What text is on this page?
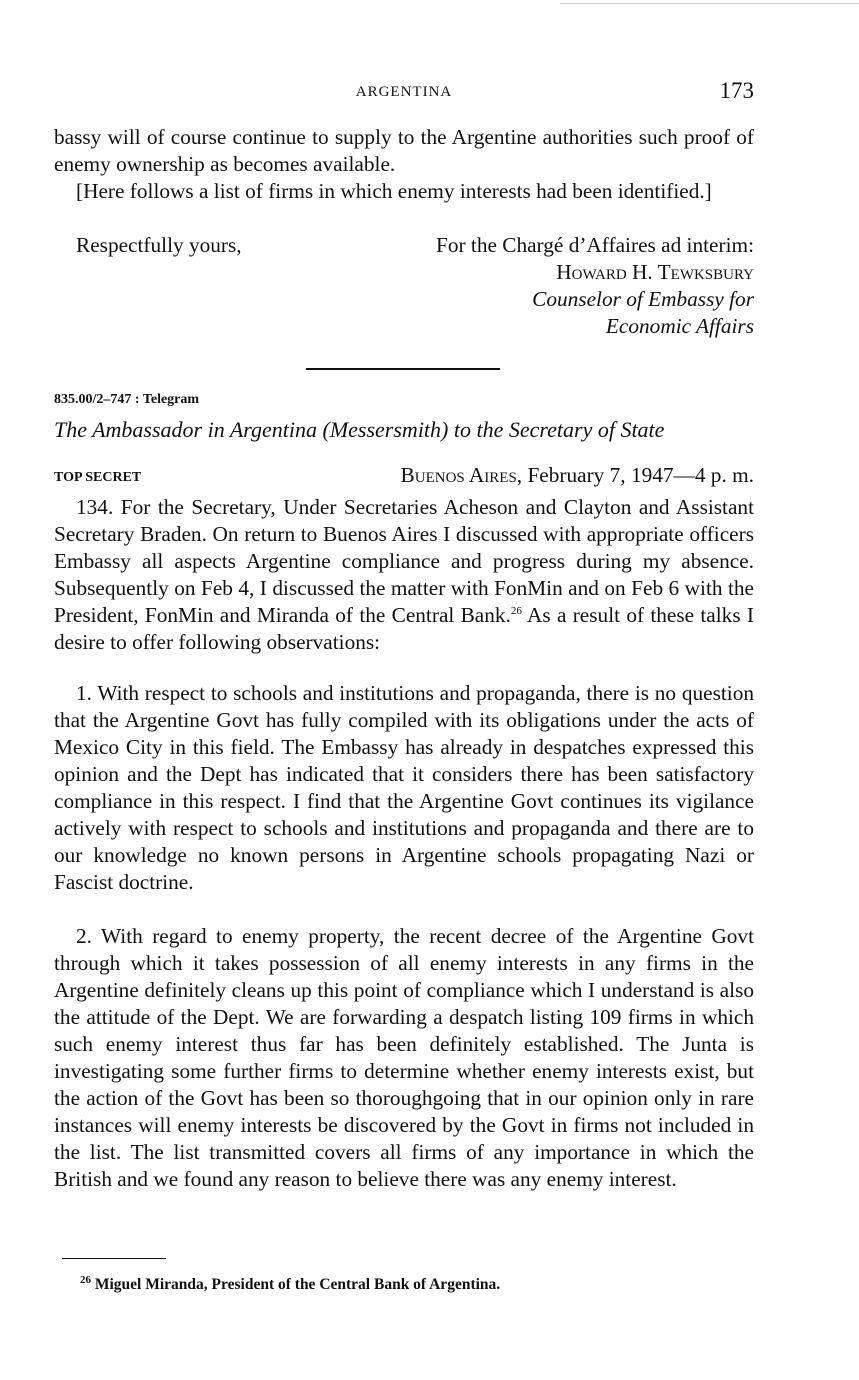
ARGENTINA	173

bassy will of course continue to supply to the Argentine authorities such proof of enemy ownership as becomes available.

[Here follows a list of firms in which enemy interests had been identified.]

Respectfully yours,	For the Chargé d’Affaires ad interim:
Howard H. Tewksbury
Counselor of Embassy for
Economic Affairs
835.00/2–747 : Telegram
The Ambassador in Argentina (Messersmith) to the Secretary of State
TOP SECRET	Buenos Aires, February 7, 1947—4 p. m.

134. For the Secretary, Under Secretaries Acheson and Clayton and Assistant Secretary Braden. On return to Buenos Aires I discussed with appropriate officers Embassy all aspects Argentine compliance and progress during my absence. Subsequently on Feb 4, I discussed the matter with FonMin and on Feb 6 with the President, FonMin and Miranda of the Central Bank.$^{26}$ As a result of these talks I desire to offer following observations:

1. With respect to schools and institutions and propaganda, there is no question that the Argentine Govt has fully compiled with its obligations under the acts of Mexico City in this field. The Embassy has already in despatches expressed this opinion and the Dept has indicated that it considers there has been satisfactory compliance in this respect. I find that the Argentine Govt continues its vigilance actively with respect to schools and institutions and propaganda and there are to our knowledge no known persons in Argentine schools propagating Nazi or Fascist doctrine.

2. With regard to enemy property, the recent decree of the Argentine Govt through which it takes possession of all enemy interests in any firms in the Argentine definitely cleans up this point of compliance which I understand is also the attitude of the Dept. We are forwarding a despatch listing 109 firms in which such enemy interest thus far has been definitely established. The Junta is investigating some further firms to determine whether enemy interests exist, but the action of the Govt has been so thoroughgoing that in our opinion only in rare instances will enemy interests be discovered by the Govt in firms not included in the list. The list transmitted covers all firms of any importance in which the British and we found any reason to believe there was any enemy interest.

$^{26}$ Miguel Miranda, President of the Central Bank of Argentina.
